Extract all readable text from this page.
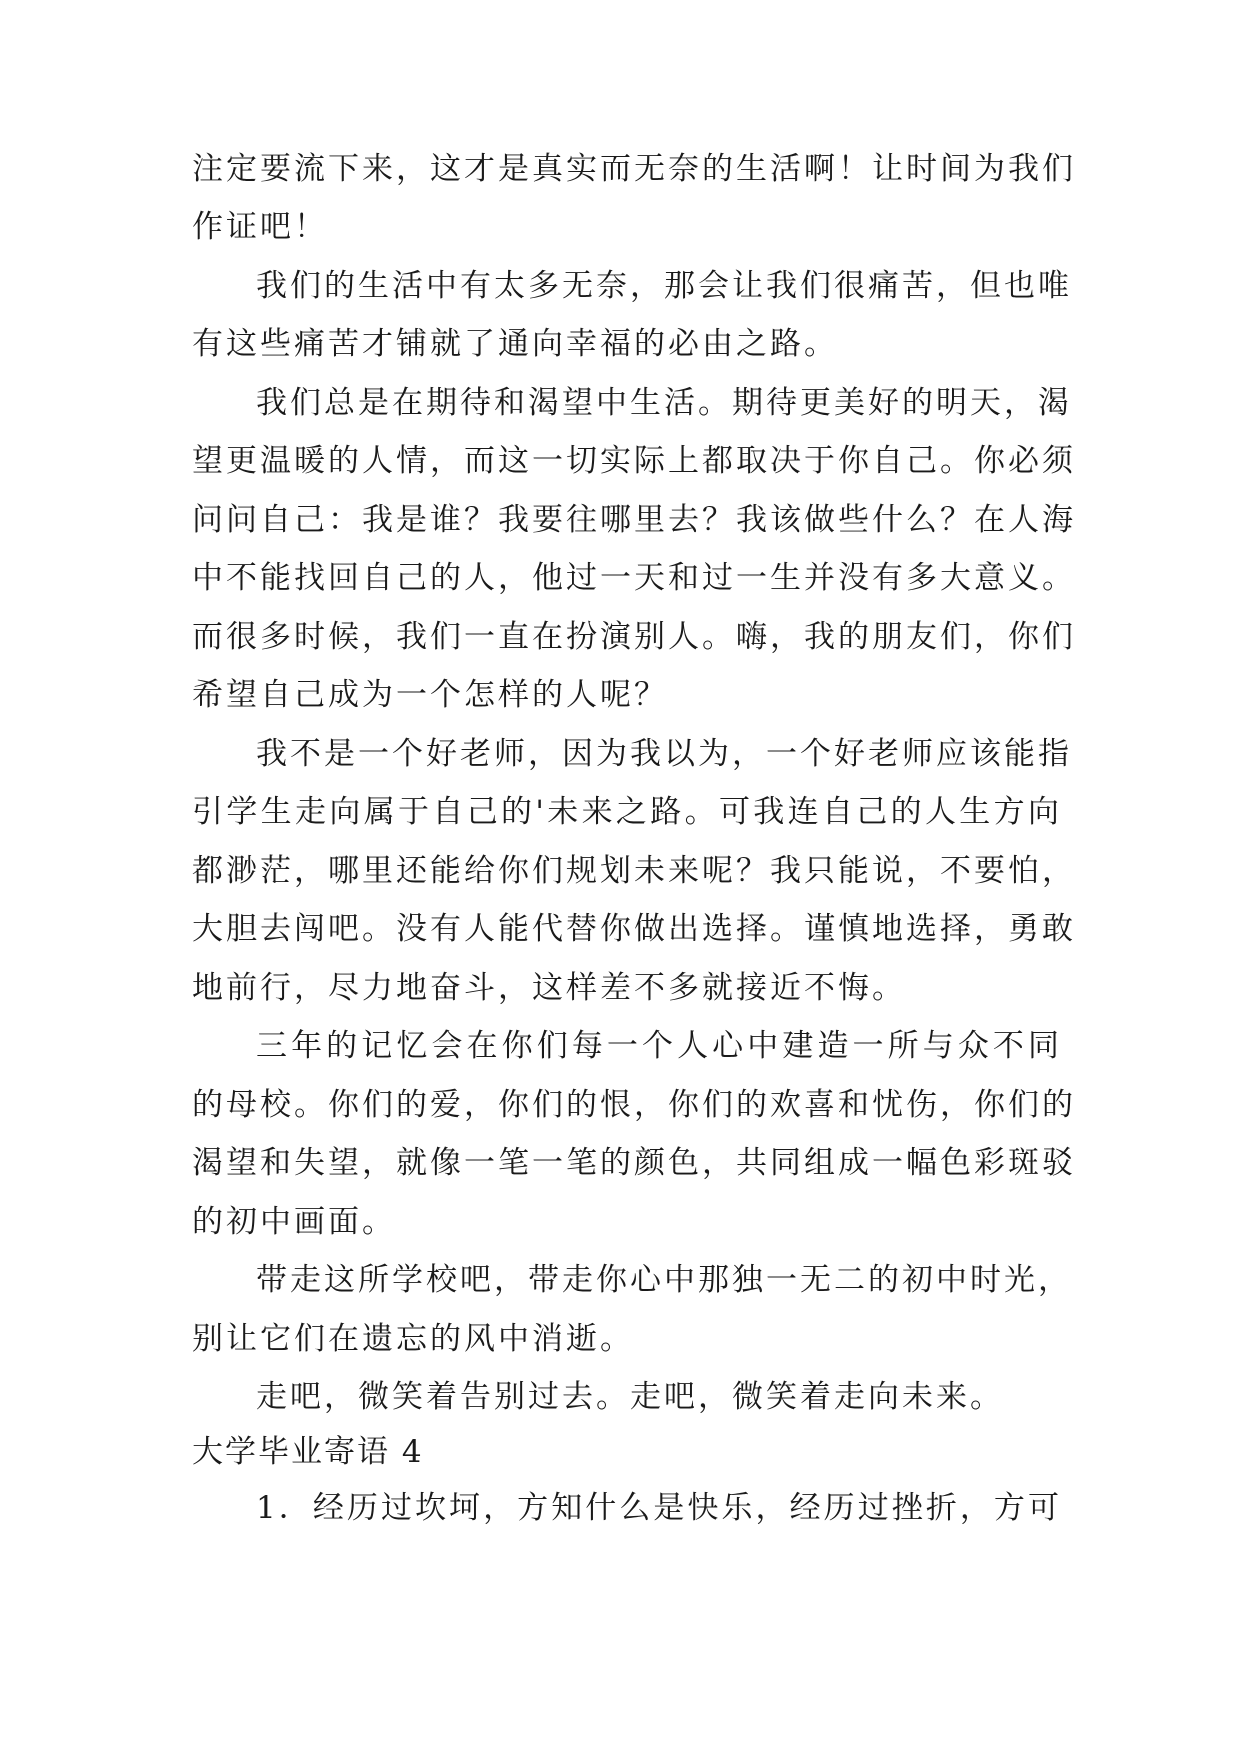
注定要流下来，这才是真实而无奈的生活啊！让时间为我们
作证吧！
我们的生活中有太多无奈，那会让我们很痛苦，但也唯
有这些痛苦才铺就了通向幸福的必由之路。
我们总是在期待和渴望中生活。期待更美好的明天，渴
望更温暖的人情，而这一切实际上都取决于你自己。你必须
问问自己：我是谁？我要往哪里去？我该做些什么？在人海
中不能找回自己的人，他过一天和过一生并没有多大意义。
而很多时候，我们一直在扮演别人。嗨，我的朋友们，你们
希望自己成为一个怎样的人呢？
我不是一个好老师，因为我以为，一个好老师应该能指
引学生走向属于自己的'未来之路。可我连自己的人生方向
都渺茫，哪里还能给你们规划未来呢？我只能说，不要怕，
大胆去闯吧。没有人能代替你做出选择。谨慎地选择，勇敢
地前行，尽力地奋斗，这样差不多就接近不悔。
三年的记忆会在你们每一个人心中建造一所与众不同
的母校。你们的爱，你们的恨，你们的欢喜和忧伤，你们的
渴望和失望，就像一笔一笔的颜色，共同组成一幅色彩斑驳
的初中画面。
带走这所学校吧，带走你心中那独一无二的初中时光，
别让它们在遗忘的风中消逝。
走吧，微笑着告别过去。走吧，微笑着走向未来。
大学毕业寄语 4
1．经历过坎坷，方知什么是快乐，经历过挫折，方可
